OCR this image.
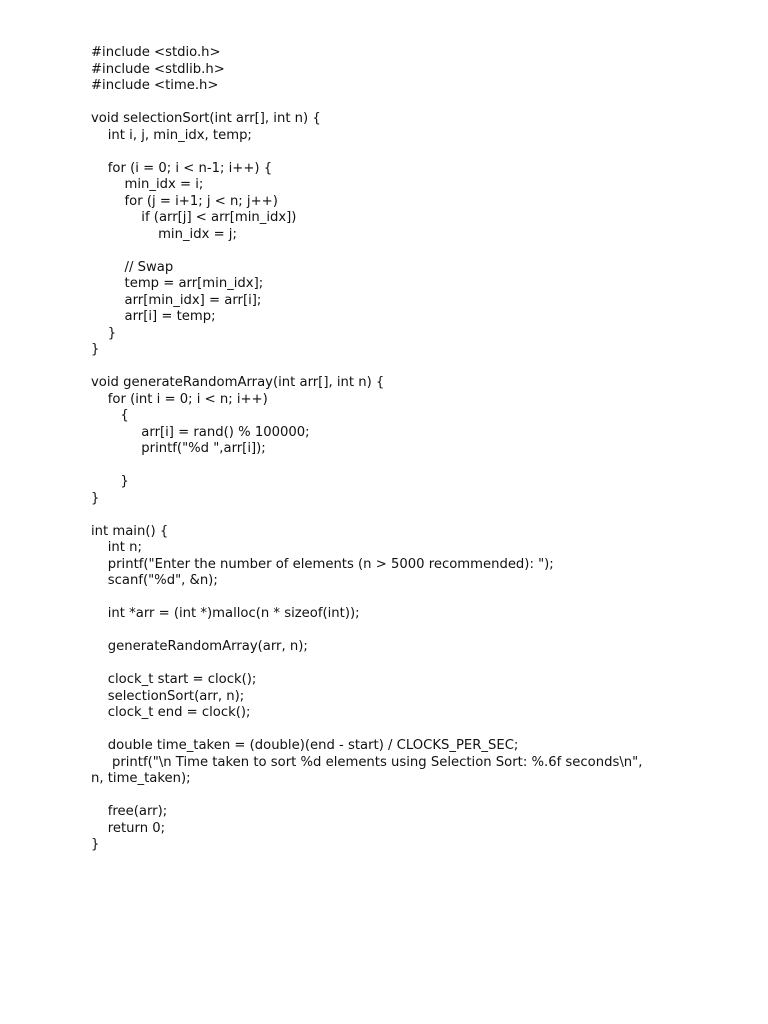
#include <stdio.h>
#include <stdlib.h>
#include <time.h>
void selectionSort(int arr[], int n) {
int i, j, min_idx, temp;
for (i = 0; i < n-1; i++) {
min_idx = i;
for (j = i+1; j < n; j++)
if (arr[j] < arr[min_idx])
min_idx = j;
// Swap
temp = arr[min_idx];
arr[min_idx] = arr[i];
arr[i] = temp;
}
}
void generateRandomArray(int arr[], int n) {
for (int i = 0; i < n; i++)
{
arr[i] = rand() % 100000;
printf("%d ",arr[i]);
}
}
int main() {
int n;
printf("Enter the number of elements (n > 5000 recommended): ");
scanf("%d", &n);
int *arr = (int *)malloc(n * sizeof(int));
generateRandomArray(arr, n);
clock_t start = clock();
selectionSort(arr, n);
clock_t end = clock();
double time_taken = (double)(end - start) / CLOCKS_PER_SEC;
printf("\n Time taken to sort %d elements using Selection Sort: %.6f seconds\n",
n, time_taken);
free(arr);
return 0;
}
